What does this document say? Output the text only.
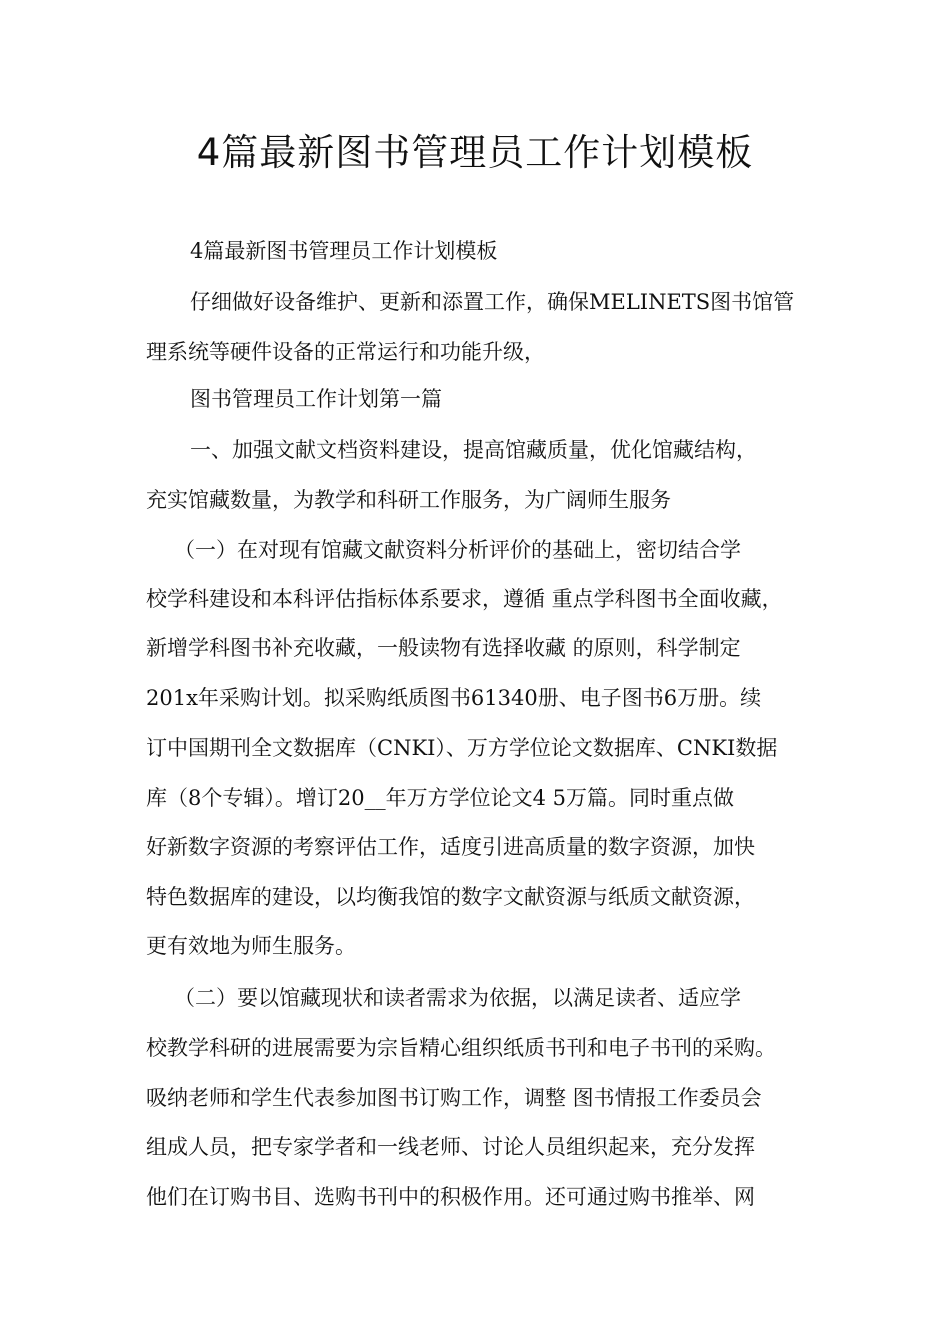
4篇最新图书管理员工作计划模板
4篇最新图书管理员工作计划模板
仔细做好设备维护、更新和添置工作，确保MELINETS图书馆管
理系统等硬件设备的正常运行和功能升级，
图书管理员工作计划第一篇
一、加强文献文档资料建设，提高馆藏质量，优化馆藏结构，
充实馆藏数量，为教学和科研工作服务，为广阔师生服务
（一）在对现有馆藏文献资料分析评价的基础上，密切结合学
校学科建设和本科评估指标体系要求，遵循 重点学科图书全面收藏，
新增学科图书补充收藏，一般读物有选择收藏 的原则，科学制定
201x年采购计划。拟采购纸质图书61340册、电子图书6万册。续
订中国期刊全文数据库（CNKI）、万方学位论文数据库、CNKI数据
库（8个专辑）。增订20__年万方学位论文4 5万篇。同时重点做
好新数字资源的考察评估工作，适度引进高质量的数字资源，加快
特色数据库的建设，以均衡我馆的数字文献资源与纸质文献资源，
更有效地为师生服务。
（二）要以馆藏现状和读者需求为依据，以满足读者、适应学
校教学科研的进展需要为宗旨精心组织纸质书刊和电子书刊的采购。
吸纳老师和学生代表参加图书订购工作，调整 图书情报工作委员会
组成人员，把专家学者和一线老师、讨论人员组织起来，充分发挥
他们在订购书目、选购书刊中的积极作用。还可通过购书推举、网
